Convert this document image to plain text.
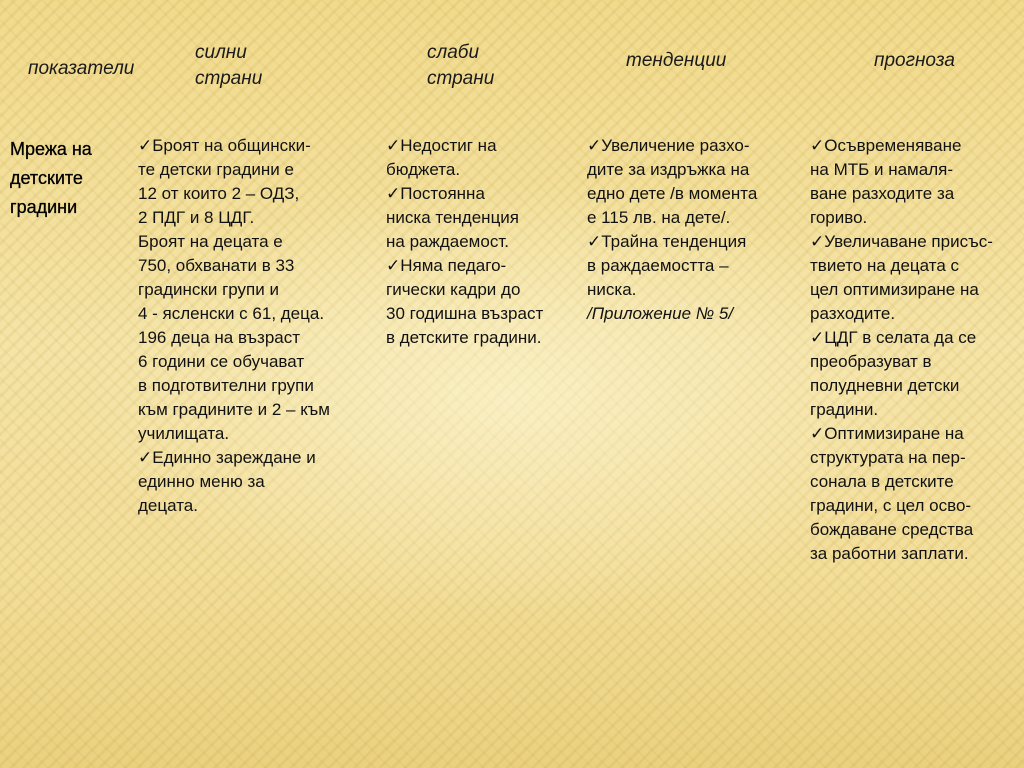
показатели
силни
страни
слаби
страни
тенденции	прогноза
Мрежа на
детските
градини
✓Броят на общински-
те детски градини е
12 от които 2 – ОДЗ,
2 ПДГ и 8 ЦДГ.
Броят на децата е
750, обхванати в 33
градински групи и
4 - ясленски с 61, деца.
196 деца на възраст
6 години се обучават
в подготвителни групи
към градините и 2 – към
училищата.
✓Единно зареждане и
единно меню за
децата.
✓Недостиг на
бюджета.
✓Постоянна
ниска тенденция
на раждаемост.
✓Няма педаго-
гически кадри до
30 годишна възраст
в детските градини.
✓Увеличение разхо-
дите за издръжка на
едно дете /в момента
е 115 лв. на дете/.
✓Трайна тенденция
в раждаемостта –
ниска.
/Приложение № 5/
✓Осъвременяване
на МТБ и намаля-
ване разходите за
гориво.
✓Увеличаване присъс-
твието на децата с
цел оптимизиране на
разходите.
✓ЦДГ в селата да се
преобразуват в
полудневни детски
градини.
✓Оптимизиране на
структурата на пер-
сонала в детските
градини, с цел осво-
бождаване средства
за работни заплати.
